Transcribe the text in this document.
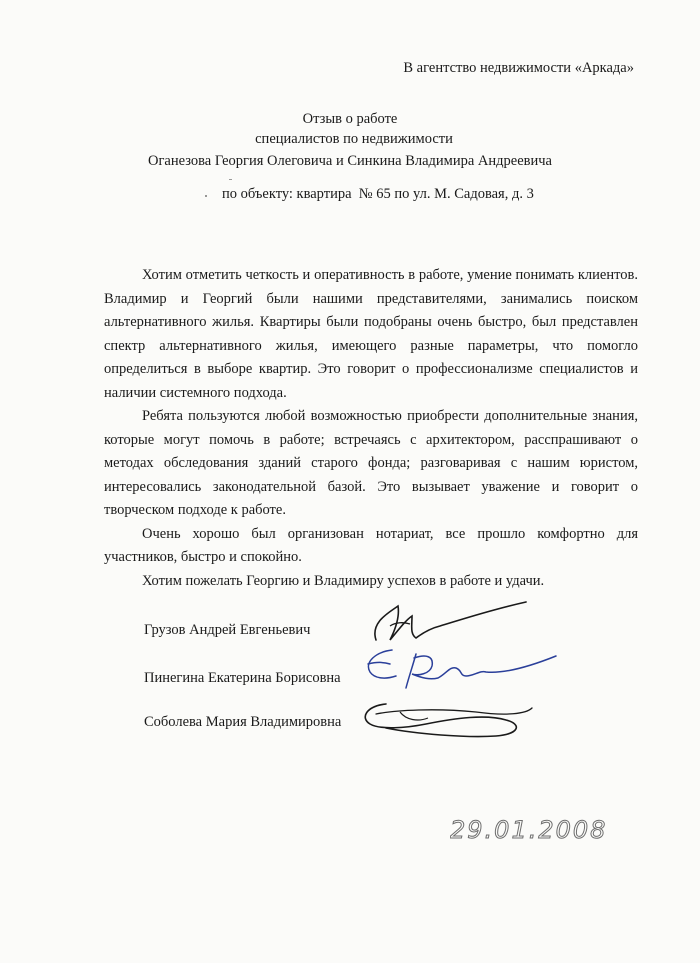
В агентство недвижимости «Аркада»
Отзыв о работе
специалистов по недвижимости
Оганезова Георгия Олеговича и Синкина Владимира Андреевича
по объекту: квартира  № 65 по ул. М. Садовая, д. 3

Хотим отметить четкость и оперативность в работе, умение понимать клиентов. Владимир и Георгий были нашими представителями, занимались поиском альтернативного жилья. Квартиры были подобраны очень быстро, был представлен спектр альтернативного жилья, имеющего разные параметры, что помогло определиться в выборе квартир. Это говорит о профессионализме специалистов и наличии системного подхода.

Ребята пользуются любой возможностью приобрести дополнительные знания, которые могут помочь в работе; встречаясь с архитектором, расспрашивают о методах обследования зданий старого фонда; разговаривая с нашим юристом, интересовались законодательной базой. Это вызывает уважение и говорит о творческом подходе к работе.

Очень хорошо был организован нотариат, все прошло комфортно для участников, быстро и спокойно.

Хотим пожелать Георгию и Владимиру успехов в работе и удачи.

Грузов Андрей Евгеньевич
Пинегина Екатерина Борисовна
Соболева Мария Владимировна
29.01.2008
